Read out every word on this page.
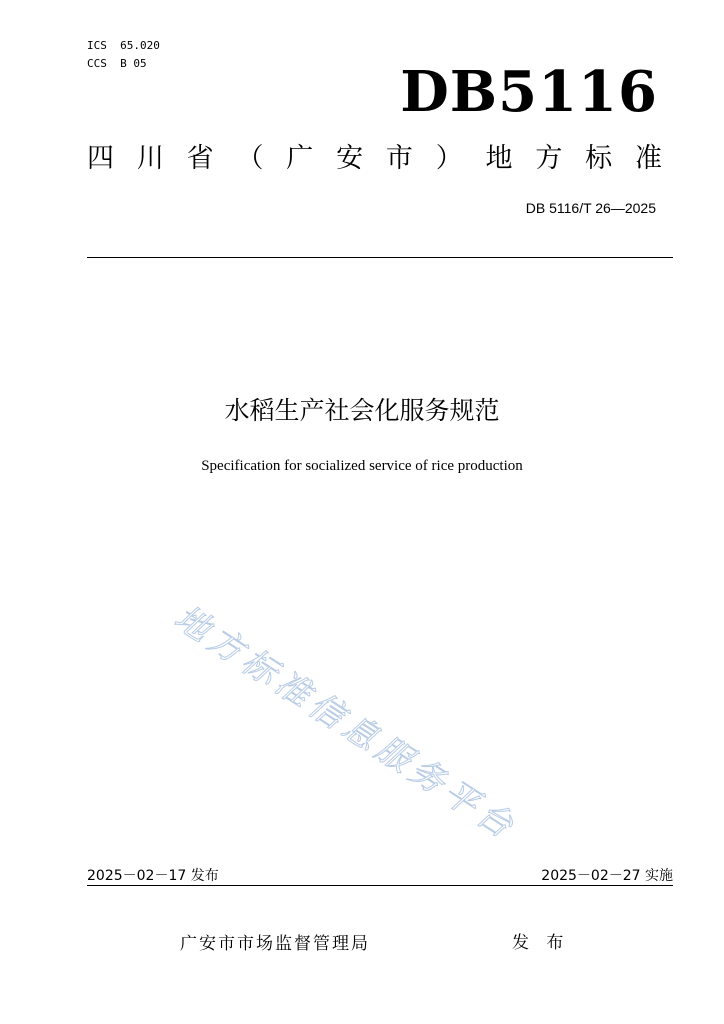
ICS  65.020
CCS  B 05	DB5116
四 川 省 （ 广 安 市 ） 地 方 标 准
DB 5116/T 26—2025
水稻生产社会化服务规范
Specification for socialized service of rice production
地方标准信息服务平台
2025－02－17 发布	2025－02－27 实施
广安市市场监督管理局	发 布
